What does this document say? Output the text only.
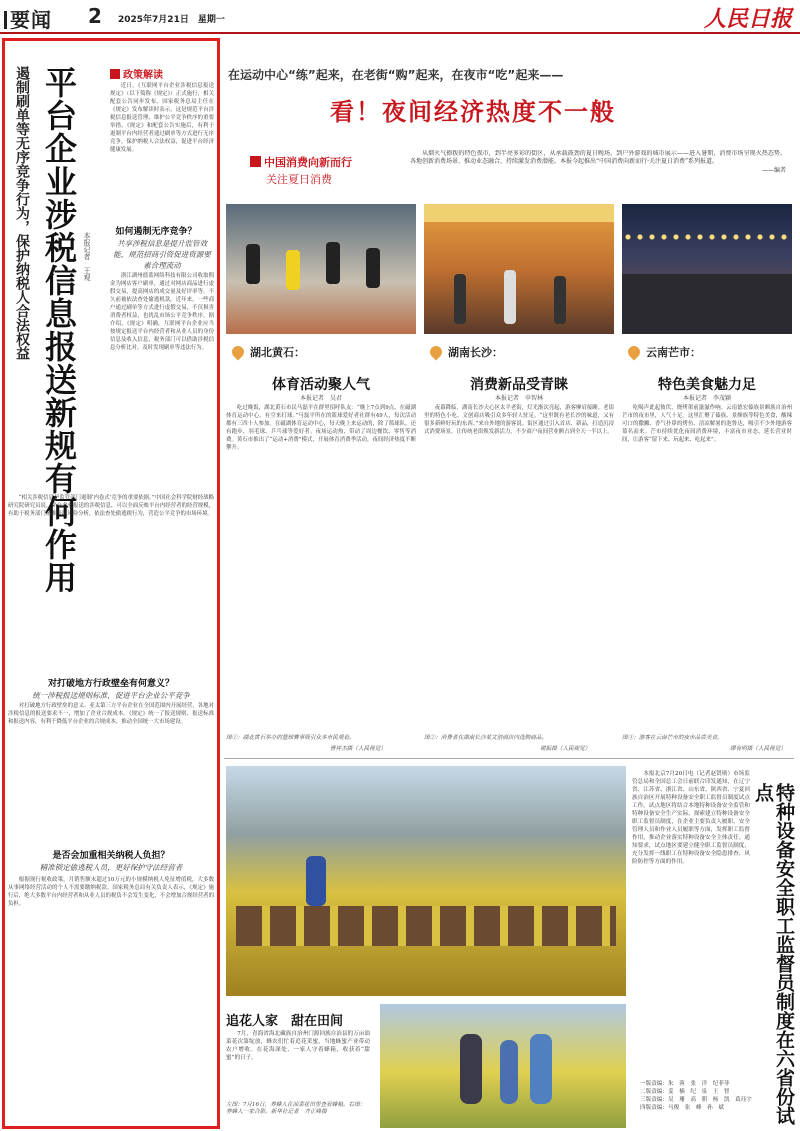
要闻 2 2025年7月21日　星期一	人民日报
遏制刷单等无序竞争行为，保护纳税人合法权益 平台企业涉税信息报送新规有何作用 本报记者　王观
政策解读

近日，《互联网平台企业涉税信息报送规定》（以下简称《规定》）正式施行，相关配套公告同步发布。国家税务总局主任在《规定》发布解读时表示，这是规范平台涉税信息报送管理、维护公平竞争秩序的重要举措。《规定》和配套公告实施后，有利于遏制平台内经营者通过刷单等方式进行无序竞争，保护纳税人合法权益，促进平台经济健康发展。

如何遏制无序竞争？
共享涉税信息是提升监管效能，规范招商引资促进资源要素合理流动

浙江湖州德蓝网络科技有限公司收取佣金为网店客户刷单，通过对网店商品进行虚假交易，提高网店的成交量及好评率等。不久前被依法查处偷逃税款。近年来，一些商户通过刷单等方式进行虚假交易，不仅损害消费者权益，也扰乱市场公平竞争秩序。据介绍，《规定》明确，互联网平台企业应当按规定报送平台内经营者和从业人员的身份信息及收入信息，税务部门可以借助涉税信息分析比对，及时发现刷单等违法行为。

“相关涉税信息是监管部门遏制‘内卷式’竞争的重要依据。”中国社会科学院财经战略研究院研究员说，平台企业报送的涉税信息，可以全面反映平台内经营者的经营规模，有助于税务部门精准开展风险分析，依法查处偷逃税行为，营造公平竞争的市场环境。

对打破地方行政壁垒有何意义？
统一涉税报送规则标准，促进平台企业公平竞争

对打破地方行政壁垒的意义。亚太第三方平台企业在全国范围内开展经营，各地对涉税信息的报送要求不一，增加了企业合规成本。《规定》统一了报送规则、报送标准和报送内容，有利于降低平台企业的合规成本，推动全国统一大市场建设。

是否会加重相关纳税人负担？
精准锁定偷逃税人员，更好保护守法经营者

根据现行税收政策，月销售额未超过10万元的小规模纳税人免征增值税，大多数从事网络经营活动的个人不需要缴纳税款。国家税务总局有关负责人表示，《规定》施行后，绝大多数平台内经营者和从业人员的税负不会发生变化，不会增加合规经营者的负担。

在运动中心“练”起来，在老街“购”起来，在夜市“吃”起来——
看！夜间经济热度不一般
中国消费向新而行
关注夏日消费

从烟火气撩拨的特色夜市，到半亮多彩的街区，从承载鼓劲的夏日晚场，到户外游戏的城市展示——进入暑期，消费市场呈现火热态势。各地创新消费场景、推动业态融合，持续激发消费潜能。本报今起推出“中国消费向新而行·关注夏日消费”系列报道。

——编者

湖北黄石：
体育活动聚人气
本报记者　吴君

吃过晚饭，湖北黄石市民马磊平在群里招呼队友：“晚上7点到9点，在磁湖体育运动中心，有空来打球。”马磊平所在的篮球爱好者社群有49人，每次活动都有三四十人参加。在磁湖体育运动中心，每天晚上来运动的，除了篮球队，还有跑步、羽毛球、乒乓球等爱好者。夜场运动热，带动了周边餐饮、零售等消费。黄石市推出了“运动+消费”模式，开展体育消费季活动，夜间经济热度不断攀升。

图①：湖北黄石举办的篮球赛事吸引众多市民观看。
曹祥杰摄（人民视觉）
湖南长沙：
消费新品受青睐
本报记者　申智林

夜幕降临，湖南长沙天心区太平老街，灯光渐次亮起，游客摩肩接踵。老街里的特色小吃、文创商店吸引众多年轻人驻足。“这里既有老长沙的味道，又有很多新鲜好玩的东西。”来自外地的游客说。街区通过引入首店、新品，打造沉浸式消费场景，让传统老街焕发新活力，不少商户夜间营业额占到全天一半以上。

图②：消费者在湖南长沙某文创商店内选购商品。
谢振摄（人民视觉）
云南芒市：
特色美食魅力足
本报记者　李茂颖

吃喝声此起彼伏，烧烤架前滋滋作响。云南德宏傣族景颇族自治州芒市的夜市里，人气十足。这里汇聚了傣族、景颇族等特色美食，酸辣可口的撒撇、香气扑鼻的烤鱼、清凉解暑的泡鲁达，吸引不少外地游客慕名而来。芒市持续优化夜间消费环境，丰富夜市业态，延长营业时间，让游客“留下来、玩起来、吃起来”。

图③：游客在云南芒市的夜市品尝美食。
缪有明摄（人民视觉）
追花人家　甜在田间

7月，青海省海北藏族自治州门源回族自治县的万亩油菜花次第绽放，蜂农们忙着追花采蜜，当地蜂蜜产业带动农户增收。在花海深处，一家人守着蜂箱，收获着“甜蜜”的日子。

左图：7月16日，养蜂人在油菜花田里查看蜂箱。右图：养蜂人一家合影。新华社记者　齐正峰摄

本报北京7月20日电（记者赵贤勋）市场监管总局和全国总工会日前联合印发通知，在辽宁省、江苏省、浙江省、山东省、陕西省、宁夏回族自治区开展特种设备安全职工监督员制度试点工作。试点地区将结合本地特种设备安全监管和特种设备安全生产实际，探索建立特种设备安全职工监督员制度，在企业主要负责人履职、安全管理人员和作业人员履职等方面，发挥职工监督作用，推动企业落实特种设备安全主体责任。通知要求，试点地区要建立健全职工监督员制度，充分发挥一线职工在特种设备安全隐患排查、风险防控等方面的作用。	特种设备安全职工监督员制度在六省份试点
一版责编：朱　蓉　张　洋　纪菲菲
二版责编：姜　楠　纪　泉　王　智
三版责编：吴　珊　高　朝　杨　凯　葛珏宇
四版责编：马俊　张　峰　孙　斌
